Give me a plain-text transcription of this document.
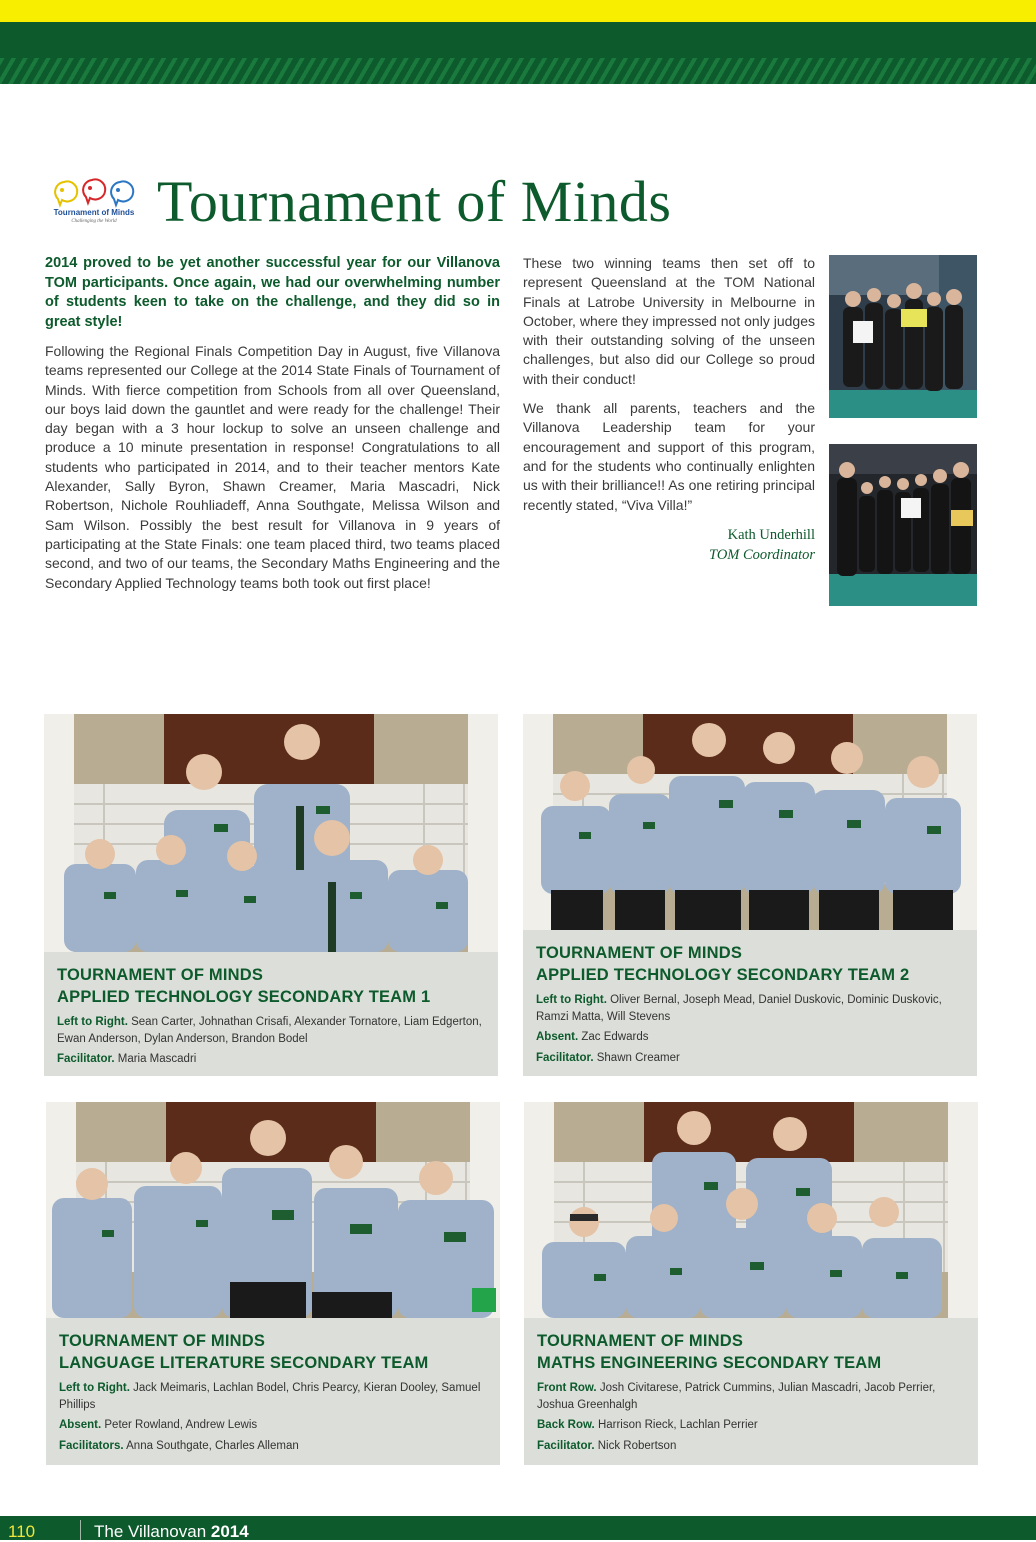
Tournament of Minds
Challenging the World Tournament of Minds

2014 proved to be yet another successful year for our Villanova TOM participants. Once again, we had our overwhelming number of students keen to take on the challenge, and they did so in great style!

Following the Regional Finals Competition Day in August, five Villanova teams represented our College at the 2014 State Finals of Tournament of Minds. With fierce competition from Schools from all over Queensland, our boys laid down the gauntlet and were ready for the challenge! Their day began with a 3 hour lockup to solve an unseen challenge and produce a 10 minute presentation in response! Congratulations to all students who participated in 2014, and to their teacher mentors Kate Alexander, Sally Byron, Shawn Creamer, Maria Mascadri, Nick Robertson, Nichole Rouhliadeff, Anna Southgate, Melissa Wilson and Sam Wilson. Possibly the best result for Villanova in 9 years of participating at the State Finals: one team placed third, two teams placed second, and two of our teams, the Secondary Maths Engineering and the Secondary Applied Technology teams both took out first place!

These two winning teams then set off to represent Queensland at the TOM National Finals at Latrobe University in Melbourne in October, where they impressed not only judges with their outstanding solving of the unseen challenges, but also did our College so proud with their conduct!

We thank all parents, teachers and the Villanova Leadership team for your encouragement and support of this program, and for the students who continually enlighten us with their brilliance!! As one retiring principal recently stated, “Viva Villa!”

Kath Underhill
TOM Coordinator

TOURNAMENT OF MINDS
APPLIED TECHNOLOGY SECONDARY TEAM 1

Left to Right. Sean Carter, Johnathan Crisafi, Alexander Tornatore, Liam Edgerton, Ewan Anderson, Dylan Anderson, Brandon Bodel

Facilitator. Maria Mascadri

TOURNAMENT OF MINDS
APPLIED TECHNOLOGY SECONDARY TEAM 2

Left to Right. Oliver Bernal, Joseph Mead, Daniel Duskovic, Dominic Duskovic, Ramzi Matta, Will Stevens

Absent. Zac Edwards

Facilitator. Shawn Creamer

TOURNAMENT OF MINDS
LANGUAGE LITERATURE SECONDARY TEAM

Left to Right. Jack Meimaris, Lachlan Bodel, Chris Pearcy, Kieran Dooley, Samuel Phillips

Absent. Peter Rowland, Andrew Lewis

Facilitators. Anna Southgate, Charles Alleman

TOURNAMENT OF MINDS
MATHS ENGINEERING SECONDARY TEAM

Front Row. Josh Civitarese, Patrick Cummins, Julian Mascadri, Jacob Perrier, Joshua Greenhalgh

Back Row. Harrison Rieck, Lachlan Perrier

Facilitator. Nick Robertson

110	The Villanovan 2014
